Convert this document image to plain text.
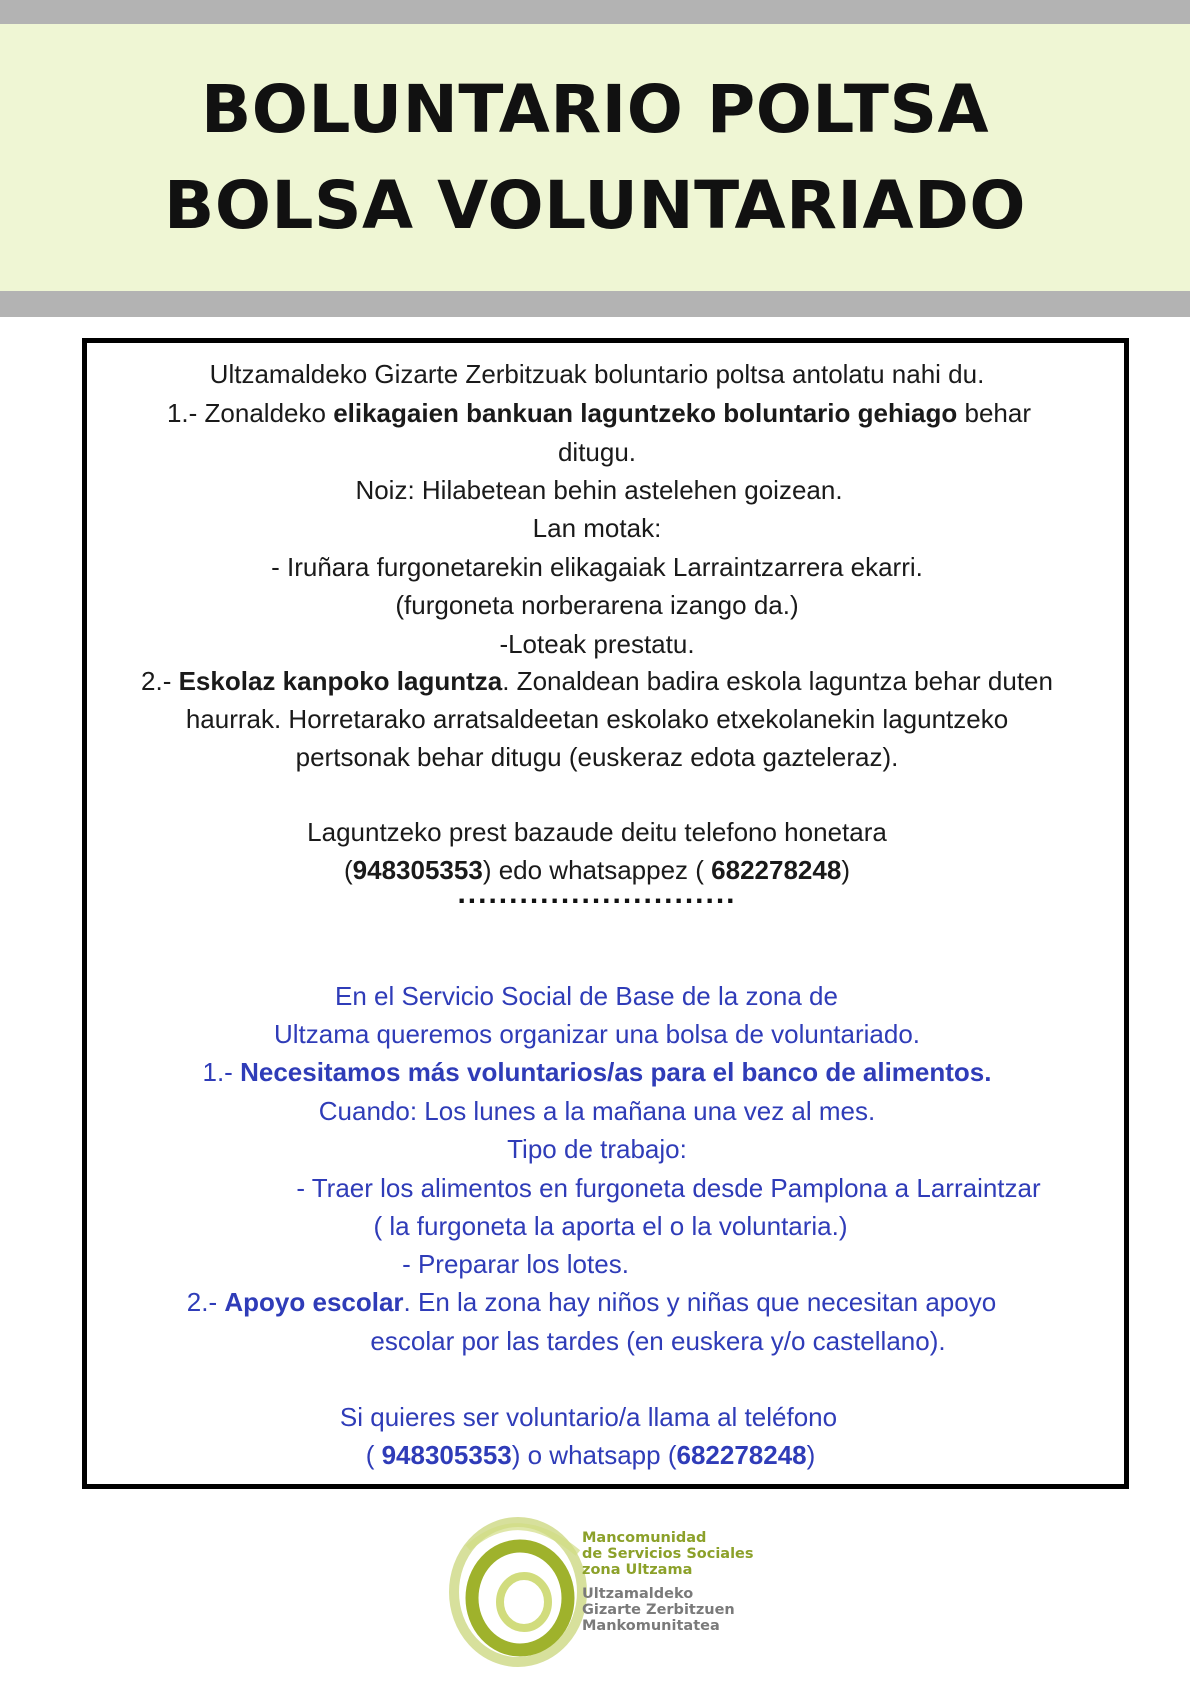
BOLUNTARIO POLTSA
BOLSA VOLUNTARIADO
Ultzamaldeko Gizarte Zerbitzuak boluntario poltsa antolatu nahi du.
1.- Zonaldeko elikagaien bankuan laguntzeko boluntario gehiago behar
ditugu.
Noiz: Hilabetean behin astelehen goizean.
Lan motak:
- Iruñara furgonetarekin elikagaiak Larraintzarrera ekarri.
(furgoneta norberarena izango da.)
-Loteak prestatu.
2.- Eskolaz kanpoko laguntza. Zonaldean badira eskola laguntza behar duten
haurrak. Horretarako arratsaldeetan eskolako etxekolanekin laguntzeko
pertsonak behar ditugu (euskeraz edota gazteleraz).
Laguntzeko prest bazaude deitu telefono honetara
(948305353) edo whatsappez ( 682278248)
...........................
En el Servicio Social de Base de la zona de
Ultzama queremos organizar una bolsa de voluntariado.
1.- Necesitamos más voluntarios/as para el banco de alimentos.
Cuando: Los lunes a la mañana una vez al mes.
Tipo de trabajo:
- Traer los alimentos en furgoneta desde Pamplona a Larraintzar
( la furgoneta la aporta el o la voluntaria.)
- Preparar los lotes.
2.- Apoyo escolar. En la zona hay niños y niñas que necesitan apoyo
escolar por las tardes (en euskera y/o castellano).
Si quieres ser voluntario/a llama al teléfono
( 948305353) o whatsapp (682278248)
Mancomunidad
de Servicios Sociales
zona Ultzama
Ultzamaldeko
Gizarte Zerbitzuen
Mankomunitatea
